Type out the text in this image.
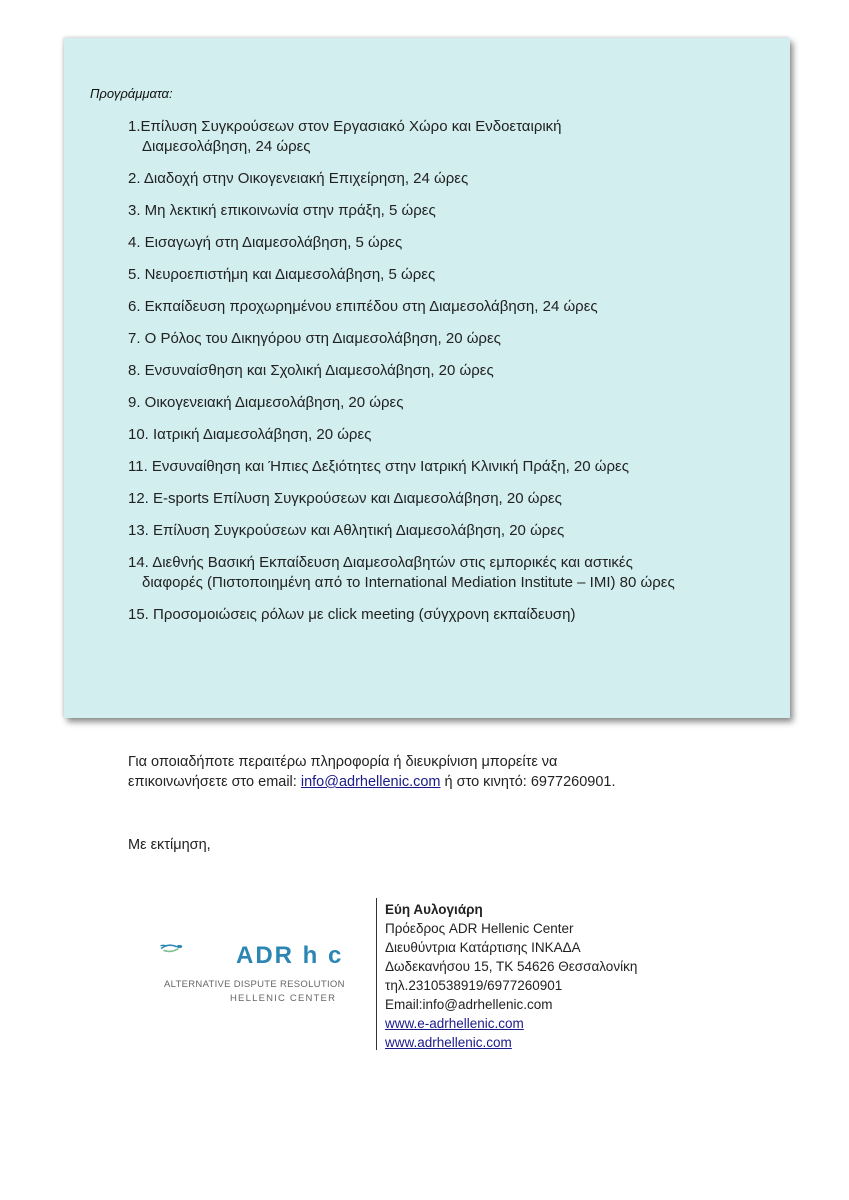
Προγράμματα:
1.Επίλυση Συγκρούσεων στον Εργασιακό Χώρο και Ενδοεταιρική
Διαμεσολάβηση, 24 ώρες
2. Διαδοχή στην Οικογενειακή Επιχείρηση, 24 ώρες
3. Μη λεκτική επικοινωνία στην πράξη, 5 ώρες
4. Εισαγωγή στη Διαμεσολάβηση, 5 ώρες
5. Νευροεπιστήμη και Διαμεσολάβηση, 5 ώρες
6. Εκπαίδευση προχωρημένου επιπέδου στη Διαμεσολάβηση, 24 ώρες
7. Ο Ρόλος του Δικηγόρου στη Διαμεσολάβηση, 20 ώρες
8. Ενσυναίσθηση και Σχολική Διαμεσολάβηση, 20 ώρες
9. Οικογενειακή Διαμεσολάβηση, 20 ώρες
10. Ιατρική Διαμεσολάβηση, 20 ώρες
11. Ενσυναίθηση και Ήπιες Δεξιότητες στην Ιατρική Κλινική Πράξη, 20 ώρες
12. E-sports Επίλυση Συγκρούσεων και Διαμεσολάβηση, 20 ώρες
13. Επίλυση Συγκρούσεων και Αθλητική Διαμεσολάβηση, 20 ώρες
14. Διεθνής Βασική Εκπαίδευση Διαμεσολαβητών στις εμπορικές και αστικές
διαφορές (Πιστοποιημένη από το International Mediation Institute – IMI) 80 ώρες
15. Προσομοιώσεις ρόλων με click meeting (σύγχρονη εκπαίδευση)
Για οποιαδήποτε περαιτέρω πληροφορία ή διευκρίνιση μπορείτε να
επικοινωνήσετε στο email: info@adrhellenic.com ή στο κινητό: 6977260901.
Με εκτίμηση,
ADR h c
ALTERNATIVE DISPUTE RESOLUTION
HELLENIC CENTER
Εύη Αυλογιάρη
Πρόεδρος ADR Hellenic Center
Διευθύντρια Κατάρτισης ΙΝΚΑΔΑ
Δωδεκανήσου 15, ΤΚ 54626 Θεσσαλονίκη
τηλ.2310538919/6977260901
Email:info@adrhellenic.com
www.e-adrhellenic.com
www.adrhellenic.com
